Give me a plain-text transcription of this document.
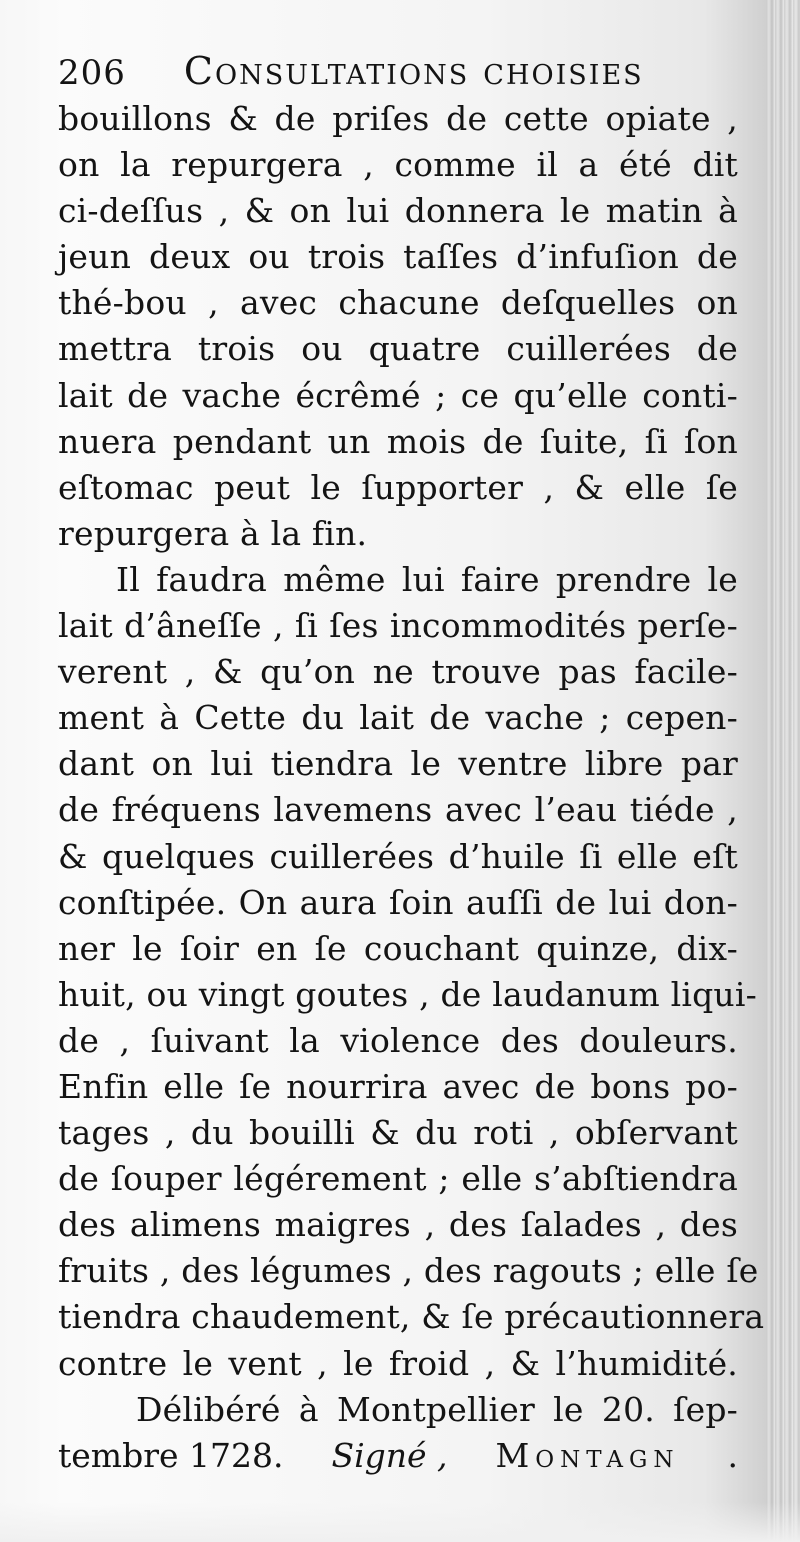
206 Consultations choisies
bouillons & de priſes de cette opiate ,
on la repurgera , comme il a été dit
ci-deſſus , & on lui donnera le matin à
jeun deux ou trois taſſes d’infuſion de
thé-bou , avec chacune deſquelles on
mettra trois ou quatre cuillerées de
lait de vache écrêmé ; ce qu’elle conti-
nuera pendant un mois de ſuite, ſi ſon
eſtomac peut le ſupporter , & elle ſe
repurgera à la fin.
Il faudra même lui faire prendre le
lait d’âneſſe , ſi ſes incommodités perſe-
verent , & qu’on ne trouve pas facile-
ment à Cette du lait de vache ; cepen-
dant on lui tiendra le ventre libre par
de fréquens lavemens avec l’eau tiéde ,
& quelques cuillerées d’huile ſi elle eſt
conſtipée. On aura ſoin auſſi de lui don-
ner le ſoir en ſe couchant quinze, dix-
huit, ou vingt goutes , de laudanum liqui-
de , ſuivant la violence des douleurs.
Enfin elle ſe nourrira avec de bons po-
tages , du bouilli & du roti , obſervant
de ſouper légérement ; elle s’abſtiendra
des alimens maigres , des ſalades , des
fruits , des légumes , des ragouts ; elle ſe
tiendra chaudement, & ſe précautionnera
contre le vent , le froid , & l’humidité.
Délibéré à Montpellier le 20. ſep-
tembre 1728. Signé , Montagn .
